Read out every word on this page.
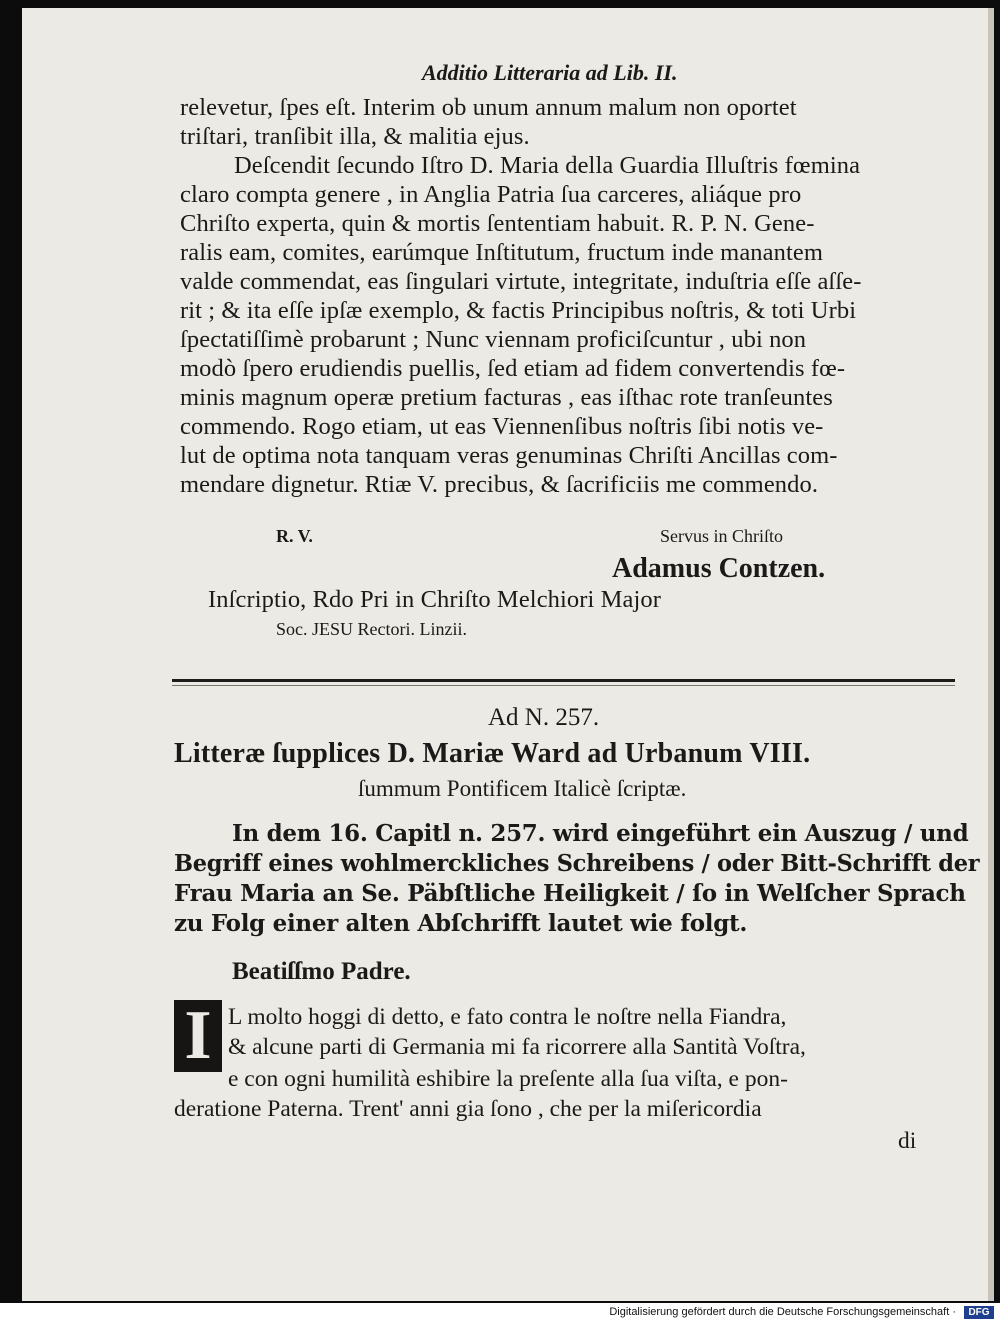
Additio Litteraria ad Lib. II.
relevetur, ſpes eſt. Interim ob unum annum malum non oportet
triſtari, tranſibit illa, & malitia ejus.
Deſcendit ſecundo Iſtro D. Maria della Guardia Illuſtris fœmina
claro compta genere , in Anglia Patria ſua carceres, aliáque pro
Chriſto experta, quin & mortis ſententiam habuit. R. P. N. Gene-
ralis eam, comites, earúmque Inſtitutum, fructum inde manantem
valde commendat, eas ſingulari virtute, integritate, induſtria eſſe aſſe-
rit ; & ita eſſe ipſæ exemplo, & factis Principibus noſtris, & toti Urbi
ſpectatiſſimè probarunt ; Nunc viennam proficiſcuntur , ubi non
modò ſpero erudiendis puellis, ſed etiam ad fidem convertendis fœ-
minis magnum operæ pretium facturas , eas iſthac rote tranſeuntes
commendo. Rogo etiam, ut eas Viennenſibus noſtris ſibi notis ve-
lut de optima nota tanquam veras genuminas Chriſti Ancillas com-
mendare dignetur. Rtiæ V. precibus, & ſacrificiis me commendo.
R. V.	Servus in Chriſto
Adamus Contzen.
Inſcriptio, Rdo Pri in Chriſto Melchiori Major
Soc. JESU Rectori. Linzii.
Ad N. 257.
Litteræ ſupplices D. Mariæ Ward ad Urbanum VIII.
ſummum Pontificem Italicè ſcriptæ.
In dem 16. Capitl n. 257. wird eingeführt ein Auszug / und
Begriff eines wohlmerckliches Schreibens / oder Bitt-Schrifft der
Frau Maria an Se. Päbſtliche Heiligkeit / ſo in Welſcher Sprach
zu Folg einer alten Abſchrifft lautet wie folgt.
Beatiſſmo Padre.
I L molto hoggi di detto, e fato contra le noſtre nella Fiandra,
& alcune parti di Germania mi fa ricorrere alla Santità Voſtra,
e con ogni humilità eshibire la preſente alla ſua viſta, e pon-
deratione Paterna. Trent' anni gia ſono , che per la miſericordia
di
Digitalisierung gefördert durch die Deutsche Forschungsgemeinschaft ·	DFG
